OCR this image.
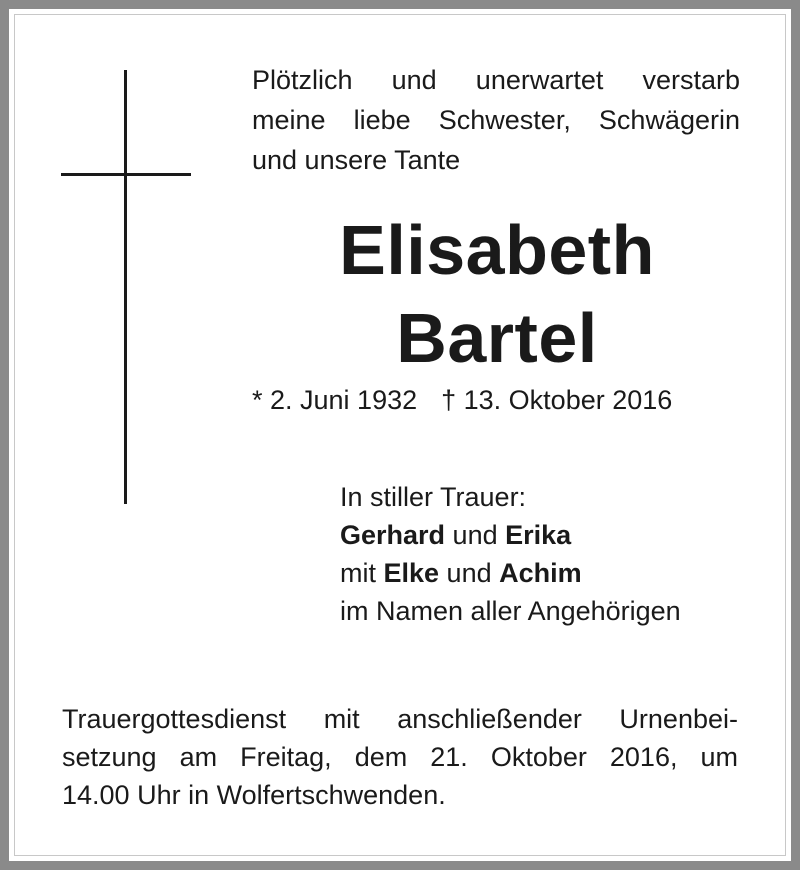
Plötzlich und unerwartet verstarb
meine liebe Schwester, Schwägerin
und unsere Tante
Elisabeth
Bartel
* 2. Juni 1932 † 13. Oktober 2016
In stiller Trauer:
Gerhard und Erika
mit Elke und Achim
im Namen aller Angehörigen
Trauergottesdienst mit anschließender Urnenbei-
setzung am Freitag, dem 21. Oktober 2016, um
14.00 Uhr in Wolfertschwenden.
